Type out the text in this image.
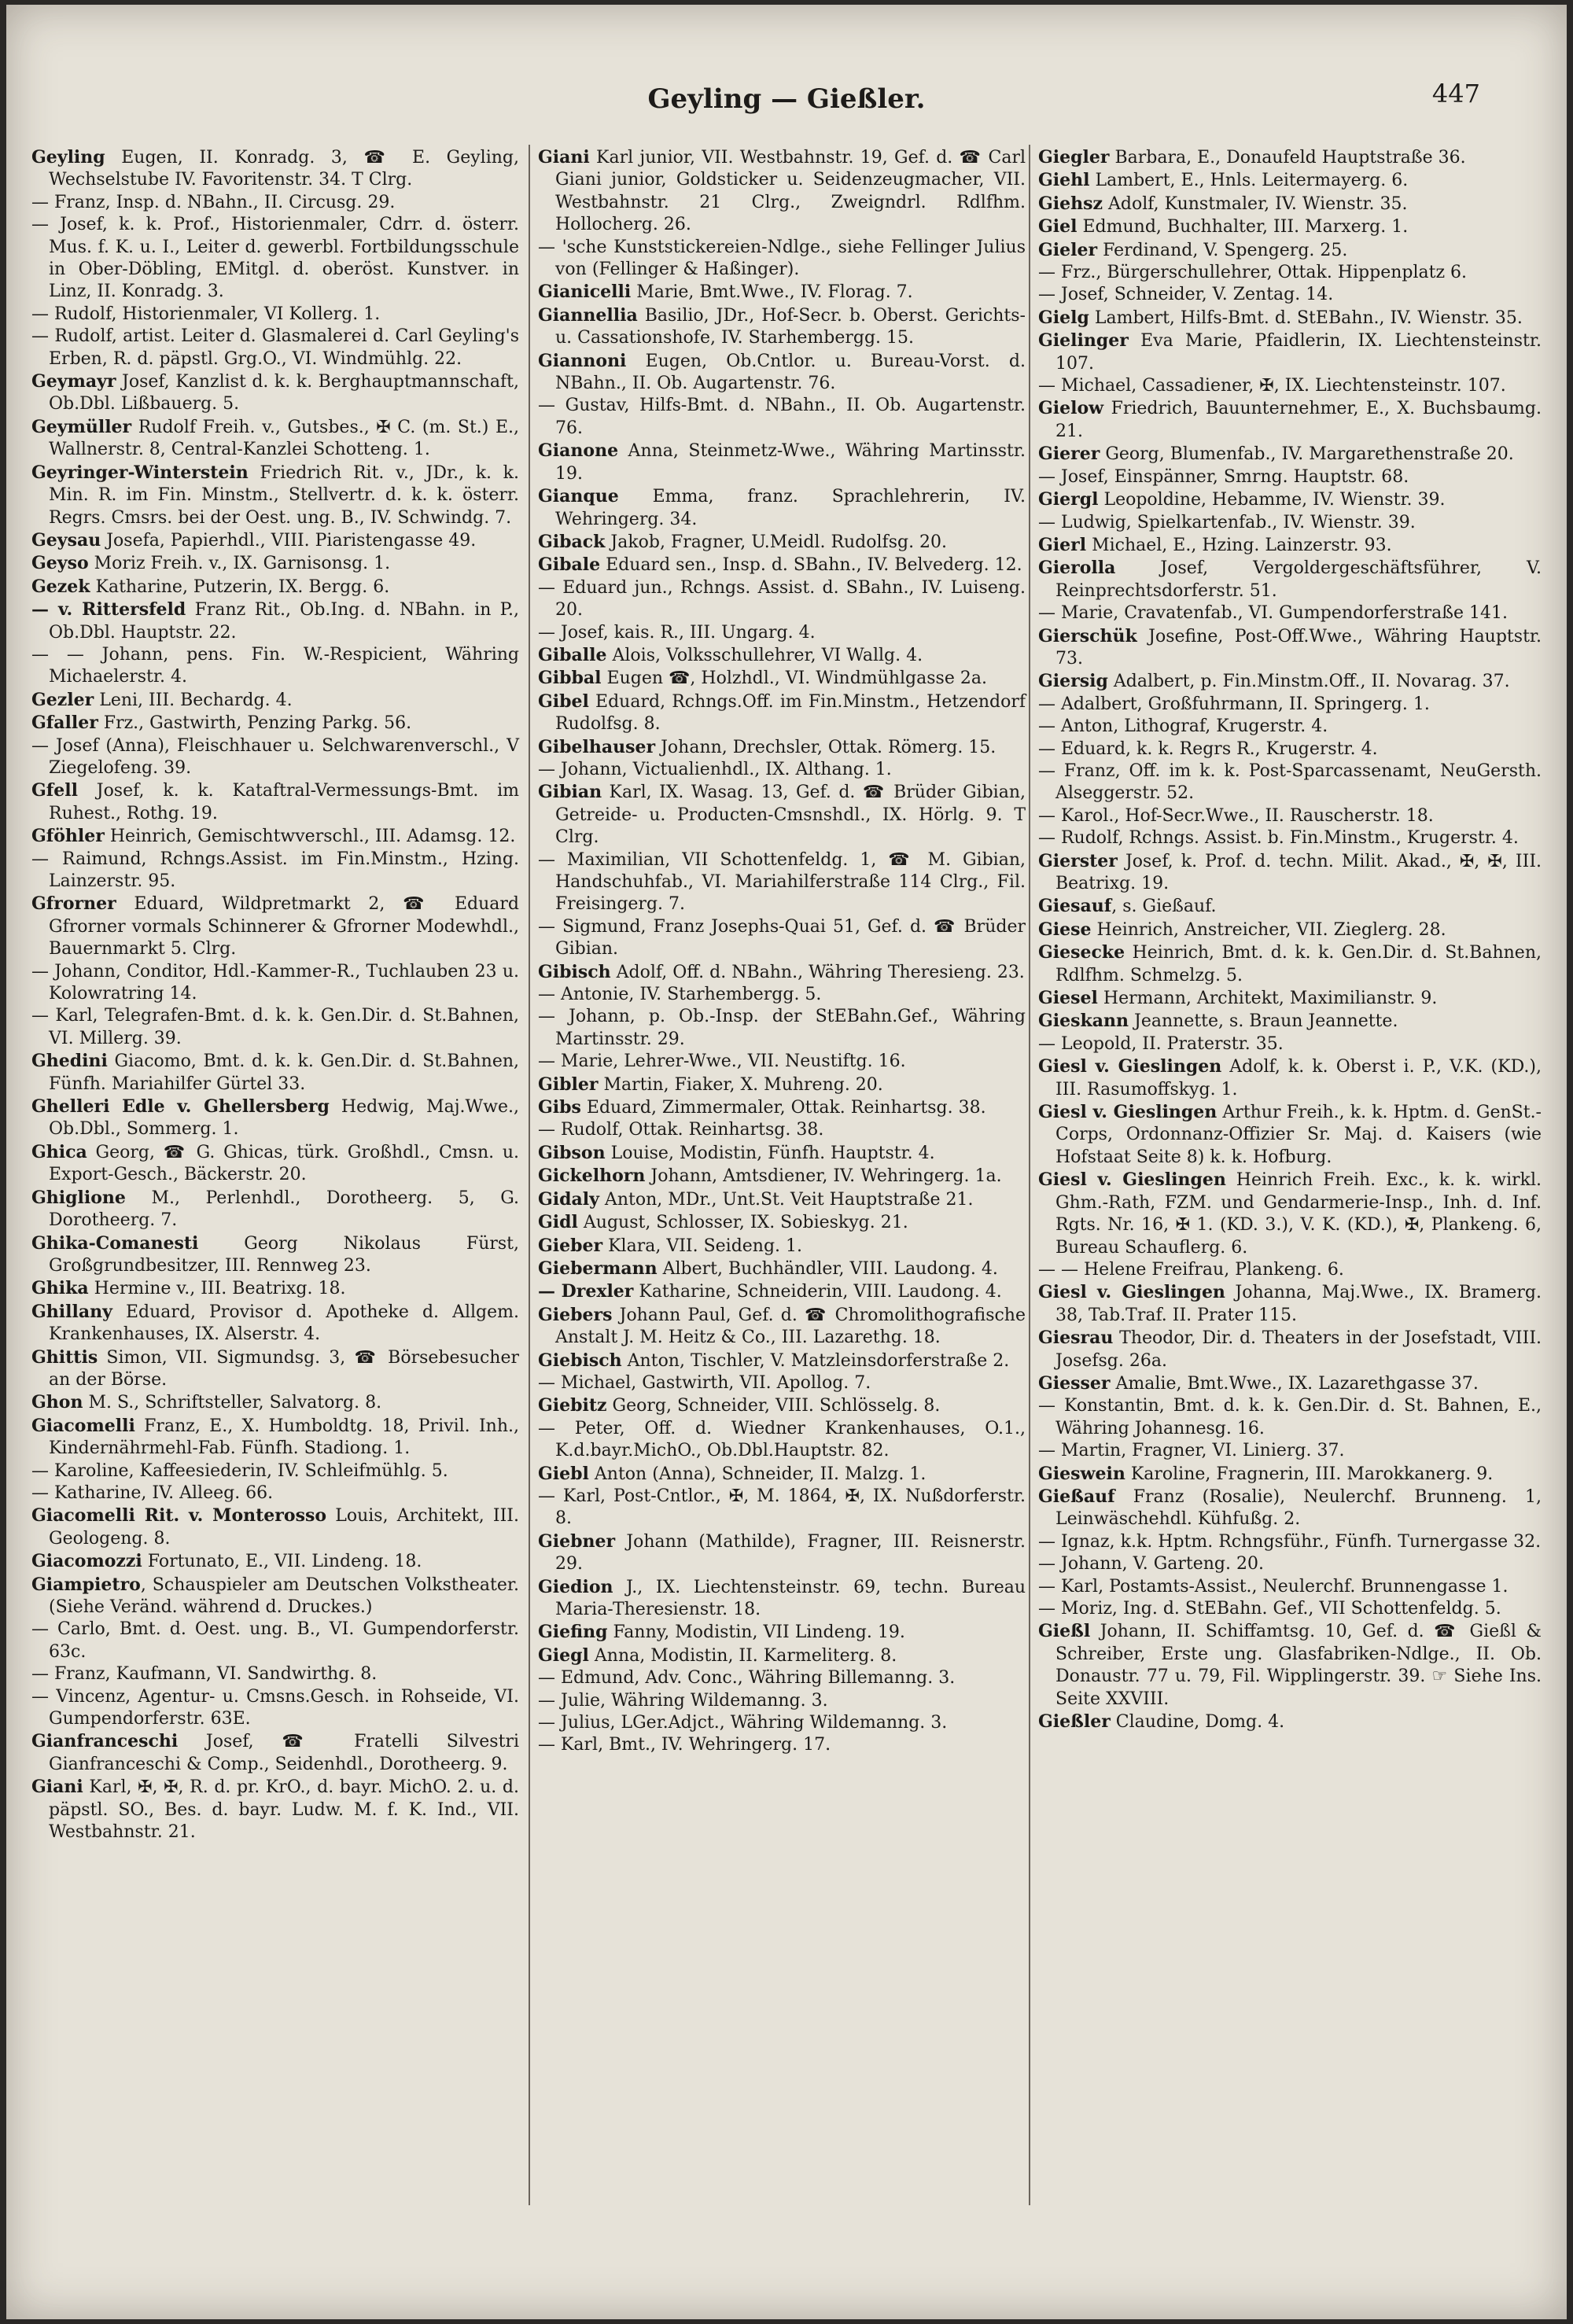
Geyling — Gießler.	447

Geyling Eugen, II. Konradg. 3, ☎ E. Geyling, Wechselstube IV. Favoritenstr. 34. T Clrg.

— Franz, Insp. d. NBahn., II. Circusg. 29.

— Josef, k. k. Prof., Historienmaler, Cdrr. d. österr. Mus. f. K. u. I., Leiter d. gewerbl. Fortbildungsschule in Ober-Döbling, EMitgl. d. oberöst. Kunstver. in Linz, II. Konradg. 3.

— Rudolf, Historienmaler, VI Kollerg. 1.

— Rudolf, artist. Leiter d. Glasmalerei d. Carl Geyling's Erben, R. d. päpstl. Grg.O., VI. Windmühlg. 22.

Geymayr Josef, Kanzlist d. k. k. Berghauptmannschaft, Ob.Dbl. Lißbauerg. 5.

Geymüller Rudolf Freih. v., Gutsbes., ✠ C. (m. St.) E., Wallnerstr. 8, Central-Kanzlei Schotteng. 1.

Geyringer-Winterstein Friedrich Rit. v., JDr., k. k. Min. R. im Fin. Minstm., Stellvertr. d. k. k. österr. Regrs. Cmsrs. bei der Oest. ung. B., IV. Schwindg. 7.

Geysau Josefa, Papierhdl., VIII. Piaristengasse 49.

Geyso Moriz Freih. v., IX. Garnisonsg. 1.

Gezek Katharine, Putzerin, IX. Bergg. 6.

— v. Rittersfeld Franz Rit., Ob.Ing. d. NBahn. in P., Ob.Dbl. Hauptstr. 22.

— — Johann, pens. Fin. W.-Respicient, Währing Michaelerstr. 4.

Gezler Leni, III. Bechardg. 4.

Gfaller Frz., Gastwirth, Penzing Parkg. 56.

— Josef (Anna), Fleischhauer u. Selchwarenverschl., V Ziegelofeng. 39.

Gfell Josef, k. k. Kataftral-Vermessungs-Bmt. im Ruhest., Rothg. 19.

Gföhler Heinrich, Gemischtwverschl., III. Adamsg. 12.

— Raimund, Rchngs.Assist. im Fin.Minstm., Hzing. Lainzerstr. 95.

Gfrorner Eduard, Wildpretmarkt 2, ☎ Eduard Gfrorner vormals Schinnerer & Gfrorner Modewhdl., Bauernmarkt 5. Clrg.

— Johann, Conditor, Hdl.-Kammer-R., Tuchlauben 23 u. Kolowratring 14.

— Karl, Telegrafen-Bmt. d. k. k. Gen.Dir. d. St.Bahnen, VI. Millerg. 39.

Ghedini Giacomo, Bmt. d. k. k. Gen.Dir. d. St.Bahnen, Fünfh. Mariahilfer Gürtel 33.

Ghelleri Edle v. Ghellersberg Hedwig, Maj.Wwe., Ob.Dbl., Sommerg. 1.

Ghica Georg, ☎ G. Ghicas, türk. Großhdl., Cmsn. u. Export-Gesch., Bäckerstr. 20.

Ghiglione M., Perlenhdl., Dorotheerg. 5, G. Dorotheerg. 7.

Ghika-Comanesti Georg Nikolaus Fürst, Großgrundbesitzer, III. Rennweg 23.

Ghika Hermine v., III. Beatrixg. 18.

Ghillany Eduard, Provisor d. Apotheke d. Allgem. Krankenhauses, IX. Alserstr. 4.

Ghittis Simon, VII. Sigmundsg. 3, ☎ Börsebesucher an der Börse.

Ghon M. S., Schriftsteller, Salvatorg. 8.

Giacomelli Franz, E., X. Humboldtg. 18, Privil. Inh., Kindernährmehl-Fab. Fünfh. Stadiong. 1.

— Karoline, Kaffeesiederin, IV. Schleifmühlg. 5.

— Katharine, IV. Alleeg. 66.

Giacomelli Rit. v. Monterosso Louis, Architekt, III. Geologeng. 8.

Giacomozzi Fortunato, E., VII. Lindeng. 18.

Giampietro, Schauspieler am Deutschen Volkstheater. (Siehe Veränd. während d. Druckes.)

— Carlo, Bmt. d. Oest. ung. B., VI. Gumpendorferstr. 63c.

— Franz, Kaufmann, VI. Sandwirthg. 8.

— Vincenz, Agentur- u. Cmsns.Gesch. in Rohseide, VI. Gumpendorferstr. 63E.

Gianfranceschi Josef, ☎ Fratelli Silvestri Gianfranceschi & Comp., Seidenhdl., Dorotheerg. 9.

Giani Karl, ✠, ✠, R. d. pr. KrO., d. bayr. MichO. 2. u. d. päpstl. SO., Bes. d. bayr. Ludw. M. f. K. Ind., VII. Westbahnstr. 21.

Giani Karl junior, VII. Westbahnstr. 19, Gef. d. ☎ Carl Giani junior, Goldsticker u. Seidenzeugmacher, VII. Westbahnstr. 21 Clrg., Zweigndrl. Rdlfhm. Hollocherg. 26.

— 'sche Kunststickereien-Ndlge., siehe Fellinger Julius von (Fellinger & Haßinger).

Gianicelli Marie, Bmt.Wwe., IV. Florag. 7.

Giannellia Basilio, JDr., Hof-Secr. b. Oberst. Gerichts- u. Cassationshofe, IV. Starhembergg. 15.

Giannoni Eugen, Ob.Cntlor. u. Bureau-Vorst. d. NBahn., II. Ob. Augartenstr. 76.

— Gustav, Hilfs-Bmt. d. NBahn., II. Ob. Augartenstr. 76.

Gianone Anna, Steinmetz-Wwe., Währing Martinsstr. 19.

Gianque Emma, franz. Sprachlehrerin, IV. Wehringerg. 34.

Giback Jakob, Fragner, U.Meidl. Rudolfsg. 20.

Gibale Eduard sen., Insp. d. SBahn., IV. Belvederg. 12.

— Eduard jun., Rchngs. Assist. d. SBahn., IV. Luiseng. 20.

— Josef, kais. R., III. Ungarg. 4.

Giballe Alois, Volksschullehrer, VI Wallg. 4.

Gibbal Eugen ☎, Holzhdl., VI. Windmühlgasse 2a.

Gibel Eduard, Rchngs.Off. im Fin.Minstm., Hetzendorf Rudolfsg. 8.

Gibelhauser Johann, Drechsler, Ottak. Römerg. 15.

— Johann, Victualienhdl., IX. Althang. 1.

Gibian Karl, IX. Wasag. 13, Gef. d. ☎ Brüder Gibian, Getreide- u. Producten-Cmsnshdl., IX. Hörlg. 9. T Clrg.

— Maximilian, VII Schottenfeldg. 1, ☎ M. Gibian, Handschuhfab., VI. Mariahilferstraße 114 Clrg., Fil. Freisingerg. 7.

— Sigmund, Franz Josephs-Quai 51, Gef. d. ☎ Brüder Gibian.

Gibisch Adolf, Off. d. NBahn., Währing Theresieng. 23.

— Antonie, IV. Starhembergg. 5.

— Johann, p. Ob.-Insp. der StEBahn.Gef., Währing Martinsstr. 29.

— Marie, Lehrer-Wwe., VII. Neustiftg. 16.

Gibler Martin, Fiaker, X. Muhreng. 20.

Gibs Eduard, Zimmermaler, Ottak. Reinhartsg. 38.

— Rudolf, Ottak. Reinhartsg. 38.

Gibson Louise, Modistin, Fünfh. Hauptstr. 4.

Gickelhorn Johann, Amtsdiener, IV. Wehringerg. 1a.

Gidaly Anton, MDr., Unt.St. Veit Hauptstraße 21.

Gidl August, Schlosser, IX. Sobieskyg. 21.

Gieber Klara, VII. Seideng. 1.

Giebermann Albert, Buchhändler, VIII. Laudong. 4.

— Drexler Katharine, Schneiderin, VIII. Laudong. 4.

Giebers Johann Paul, Gef. d. ☎ Chromolithografische Anstalt J. M. Heitz & Co., III. Lazarethg. 18.

Giebisch Anton, Tischler, V. Matzleinsdorferstraße 2.

— Michael, Gastwirth, VII. Apollog. 7.

Giebitz Georg, Schneider, VIII. Schlösselg. 8.

— Peter, Off. d. Wiedner Krankenhauses, O.1., K.d.bayr.MichO., Ob.Dbl.Hauptstr. 82.

Giebl Anton (Anna), Schneider, II. Malzg. 1.

— Karl, Post-Cntlor., ✠, M. 1864, ✠, IX. Nußdorferstr. 8.

Giebner Johann (Mathilde), Fragner, III. Reisnerstr. 29.

Giedion J., IX. Liechtensteinstr. 69, techn. Bureau Maria-Theresienstr. 18.

Giefing Fanny, Modistin, VII Lindeng. 19.

Giegl Anna, Modistin, II. Karmeliterg. 8.

— Edmund, Adv. Conc., Währing Billemanng. 3.

— Julie, Währing Wildemanng. 3.

— Julius, LGer.Adjct., Währing Wildemanng. 3.

— Karl, Bmt., IV. Wehringerg. 17.

Giegler Barbara, E., Donaufeld Hauptstraße 36.

Giehl Lambert, E., Hnls. Leitermayerg. 6.

Giehsz Adolf, Kunstmaler, IV. Wienstr. 35.

Giel Edmund, Buchhalter, III. Marxerg. 1.

Gieler Ferdinand, V. Spengerg. 25.

— Frz., Bürgerschullehrer, Ottak. Hippenplatz 6.

— Josef, Schneider, V. Zentag. 14.

Gielg Lambert, Hilfs-Bmt. d. StEBahn., IV. Wienstr. 35.

Gielinger Eva Marie, Pfaidlerin, IX. Liechtensteinstr. 107.

— Michael, Cassadiener, ✠, IX. Liechtensteinstr. 107.

Gielow Friedrich, Bauunternehmer, E., X. Buchsbaumg. 21.

Gierer Georg, Blumenfab., IV. Margarethenstraße 20.

— Josef, Einspänner, Smrng. Hauptstr. 68.

Giergl Leopoldine, Hebamme, IV. Wienstr. 39.

— Ludwig, Spielkartenfab., IV. Wienstr. 39.

Gierl Michael, E., Hzing. Lainzerstr. 93.

Gierolla Josef, Vergoldergeschäftsführer, V. Reinprechtsdorferstr. 51.

— Marie, Cravatenfab., VI. Gumpendorferstraße 141.

Gierschük Josefine, Post-Off.Wwe., Währing Hauptstr. 73.

Giersig Adalbert, p. Fin.Minstm.Off., II. Novarag. 37.

— Adalbert, Großfuhrmann, II. Springerg. 1.

— Anton, Lithograf, Krugerstr. 4.

— Eduard, k. k. Regrs R., Krugerstr. 4.

— Franz, Off. im k. k. Post-Sparcassenamt, NeuGersth. Alseggerstr. 52.

— Karol., Hof-Secr.Wwe., II. Rauscherstr. 18.

— Rudolf, Rchngs. Assist. b. Fin.Minstm., Krugerstr. 4.

Gierster Josef, k. Prof. d. techn. Milit. Akad., ✠, ✠, III. Beatrixg. 19.

Giesauf, s. Gießauf.

Giese Heinrich, Anstreicher, VII. Zieglerg. 28.

Giesecke Heinrich, Bmt. d. k. k. Gen.Dir. d. St.Bahnen, Rdlfhm. Schmelzg. 5.

Giesel Hermann, Architekt, Maximilianstr. 9.

Gieskann Jeannette, s. Braun Jeannette.

— Leopold, II. Praterstr. 35.

Giesl v. Gieslingen Adolf, k. k. Oberst i. P., V.K. (KD.), III. Rasumoffskyg. 1.

Giesl v. Gieslingen Arthur Freih., k. k. Hptm. d. GenSt.-Corps, Ordonnanz-Offizier Sr. Maj. d. Kaisers (wie Hofstaat Seite 8) k. k. Hofburg.

Giesl v. Gieslingen Heinrich Freih. Exc., k. k. wirkl. Ghm.-Rath, FZM. und Gendarmerie-Insp., Inh. d. Inf. Rgts. Nr. 16, ✠ 1. (KD. 3.), V. K. (KD.), ✠, Plankeng. 6, Bureau Schauflerg. 6.

— — Helene Freifrau, Plankeng. 6.

Giesl v. Gieslingen Johanna, Maj.Wwe., IX. Bramerg. 38, Tab.Traf. II. Prater 115.

Giesrau Theodor, Dir. d. Theaters in der Josefstadt, VIII. Josefsg. 26a.

Giesser Amalie, Bmt.Wwe., IX. Lazarethgasse 37.

— Konstantin, Bmt. d. k. k. Gen.Dir. d. St. Bahnen, E., Währing Johannesg. 16.

— Martin, Fragner, VI. Linierg. 37.

Gieswein Karoline, Fragnerin, III. Marokkanerg. 9.

Gießauf Franz (Rosalie), Neulerchf. Brunneng. 1, Leinwäschehdl. Kühfußg. 2.

— Ignaz, k.k. Hptm. Rchngsführ., Fünfh. Turnergasse 32.

— Johann, V. Garteng. 20.

— Karl, Postamts-Assist., Neulerchf. Brunnengasse 1.

— Moriz, Ing. d. StEBahn. Gef., VII Schottenfeldg. 5.

Gießl Johann, II. Schiffamtsg. 10, Gef. d. ☎ Gießl & Schreiber, Erste ung. Glasfabriken-Ndlge., II. Ob. Donaustr. 77 u. 79, Fil. Wipplingerstr. 39. ☞ Siehe Ins. Seite XXVIII.

Gießler Claudine, Domg. 4.
